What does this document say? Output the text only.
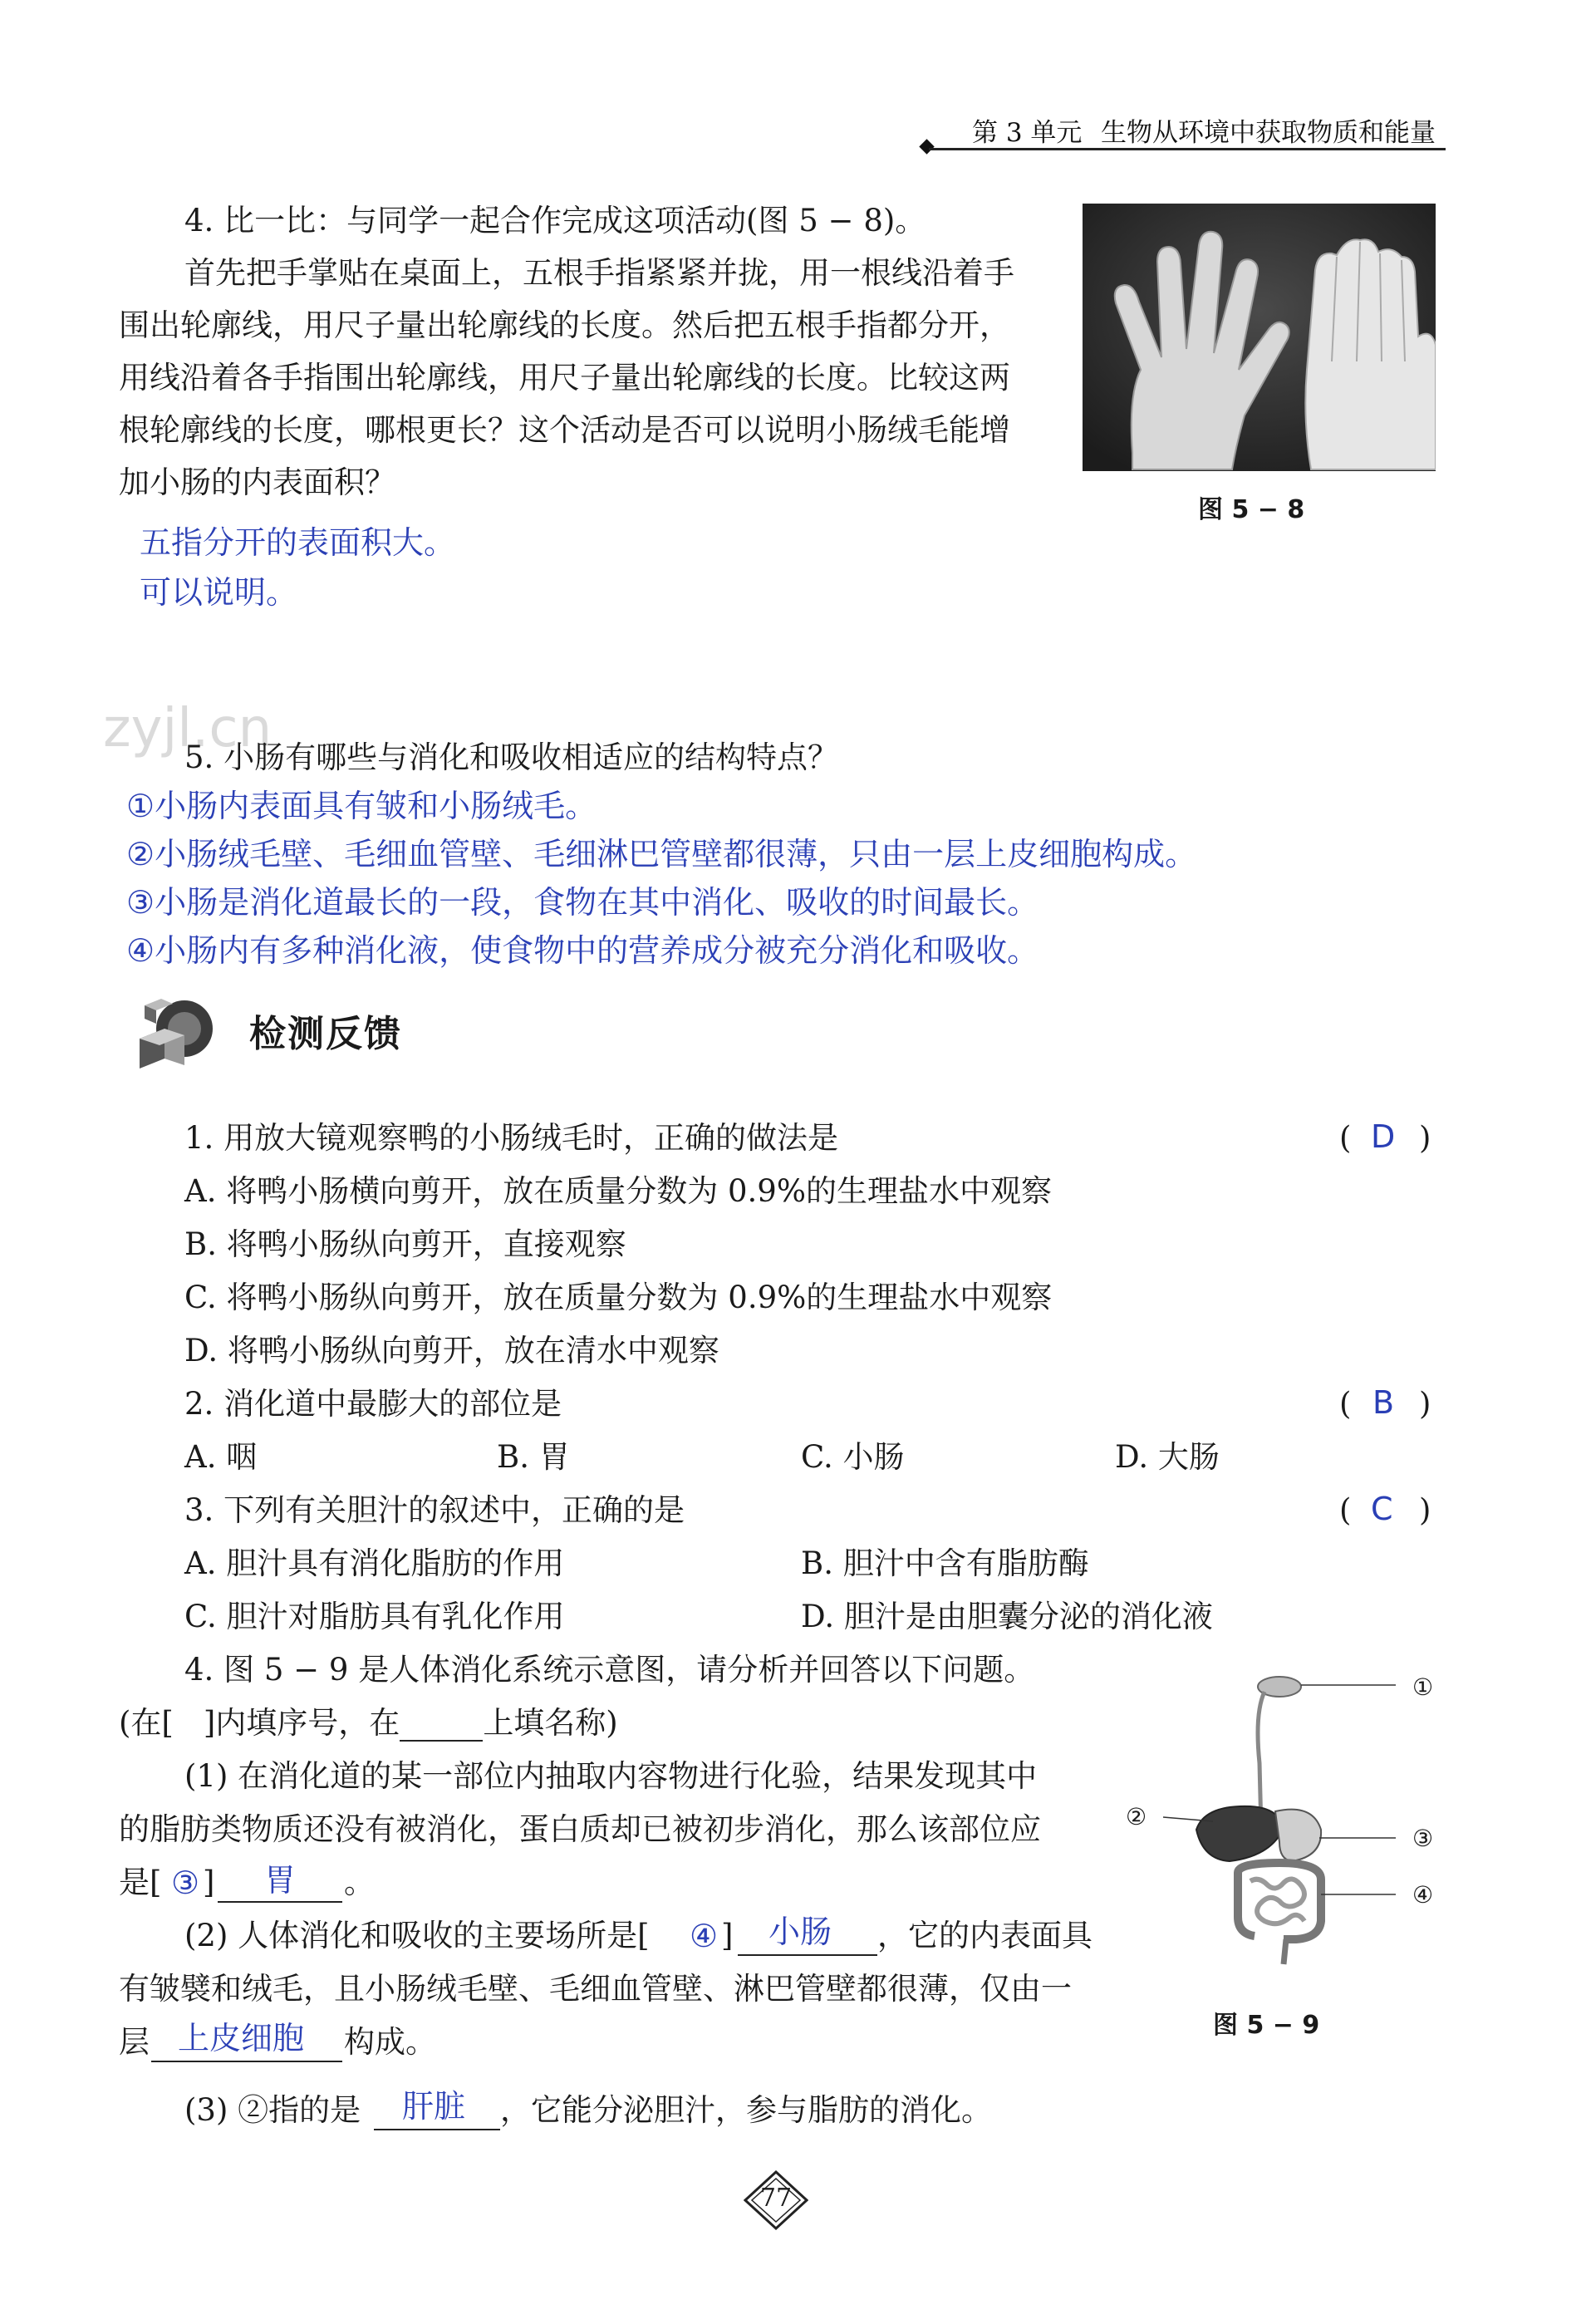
第 3 单元 生物从环境中获取物质和能量
4. 比一比：与同学一起合作完成这项活动(图 5 − 8)。
首先把手掌贴在桌面上，五根手指紧紧并拢，用一根线沿着手
围出轮廓线，用尺子量出轮廓线的长度。然后把五根手指都分开，
用线沿着各手指围出轮廓线，用尺子量出轮廓线的长度。比较这两
根轮廓线的长度，哪根更长？这个活动是否可以说明小肠绒毛能增
加小肠的内表面积？
五指分开的表面积大。
可以说明。
图 5 − 8
zyjl.cn
5. 小肠有哪些与消化和吸收相适应的结构特点？
①小肠内表面具有皱和小肠绒毛。
②小肠绒毛壁、毛细血管壁、毛细淋巴管壁都很薄，只由一层上皮细胞构成。
③小肠是消化道最长的一段，食物在其中消化、吸收的时间最长。
④小肠内有多种消化液，使食物中的营养成分被充分消化和吸收。
检测反馈
1. 用放大镜观察鸭的小肠绒毛时，正确的做法是	( D )
A. 将鸭小肠横向剪开，放在质量分数为 0.9%的生理盐水中观察
B. 将鸭小肠纵向剪开，直接观察
C. 将鸭小肠纵向剪开，放在质量分数为 0.9%的生理盐水中观察
D. 将鸭小肠纵向剪开，放在清水中观察
2. 消化道中最膨大的部位是	( B )
A. 咽	B. 胃	C. 小肠	D. 大肠
3. 下列有关胆汁的叙述中，正确的是	( C )
A. 胆汁具有消化脂肪的作用	B. 胆汁中含有脂肪酶
C. 胆汁对脂肪具有乳化作用	D. 胆汁是由胆囊分泌的消化液
4. 图 5 − 9 是人体消化系统示意图，请分析并回答以下问题。
(在[ ]内填序号，在	上填名称)
(1) 在消化道的某一部位内抽取内容物进行化验，结果发现其中
的脂肪类物质还没有被消化，蛋白质却已被初步消化，那么该部位应
是[ ③ ] 胃 。
(2) 人体消化和吸收的主要场所是[ ④ ] 小肠 ，它的内表面具
有皱襞和绒毛，且小肠绒毛壁、毛细血管壁、淋巴管壁都很薄，仅由一
层 上皮细胞 构成。
(3) ②指的是 肝脏 ，它能分泌胆汁，参与脂肪的消化。
①
②
③
④
图 5 − 9
77
